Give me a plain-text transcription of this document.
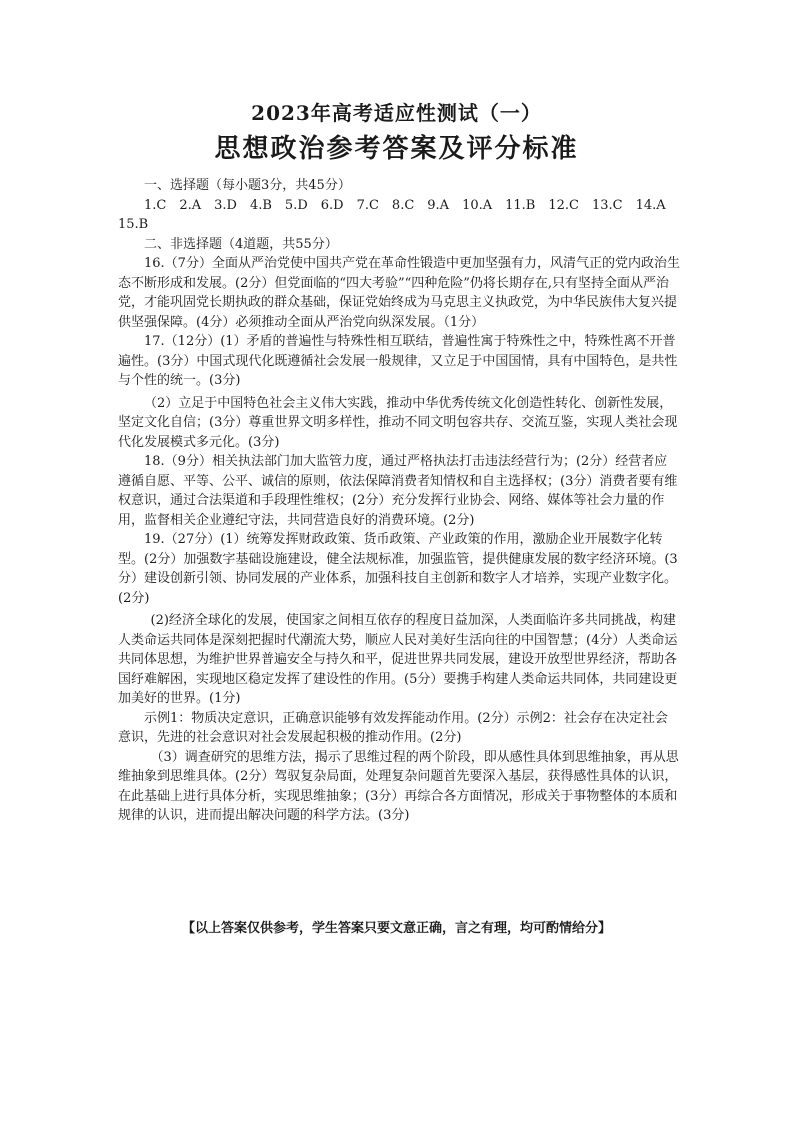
2023年高考适应性测试（一）
思想政治参考答案及评分标准

一、选择题（每小题3分，共45分）

1.C　2.A　3.D　4.B　5.D　6.D　7.C　8.C　9.A　10.A　11.B　12.C　13.C　14.A　15.B

二、非选择题（4道题，共55分）

16.（7分）全面从严治党使中国共产党在革命性锻造中更加坚强有力，风清气正的党内政治生态不断形成和发展。(2分）但党面临的“四大考验”“四种危险”仍将长期存在,只有坚持全面从严治党，才能巩固党长期执政的群众基础，保证党始终成为马克思主义执政党，为中华民族伟大复兴提供坚强保障。(4分）必须推动全面从严治党向纵深发展。（1分）

17.（12分）(1）矛盾的普遍性与特殊性相互联结，普遍性寓于特殊性之中，特殊性离不开普遍性。(3分）中国式现代化既遵循社会发展一般规律，又立足于中国国情，具有中国特色，是共性与个性的统一。(3分)

（2）立足于中国特色社会主义伟大实践，推动中华优秀传统文化创造性转化、创新性发展，坚定文化自信；(3分）尊重世界文明多样性，推动不同文明包容共存、交流互鉴，实现人类社会现代化发展模式多元化。(3分)

18.（9分）相关执法部门加大监管力度，通过严格执法打击违法经营行为；(2分）经营者应遵循自愿、平等、公平、诚信的原则，依法保障消费者知情权和自主选择权；(3分）消费者要有维权意识，通过合法渠道和手段理性维权；(2分）充分发挥行业协会、网络、媒体等社会力量的作用，监督相关企业遵纪守法，共同营造良好的消费环境。(2分)

19.（27分）(1）统筹发挥财政政策、货币政策、产业政策的作用，激励企业开展数字化转型。(2分）加强数字基础设施建设，健全法规标准，加强监管，提供健康发展的数字经济环境。(3分）建设创新引领、协同发展的产业体系，加强科技自主创新和数字人才培养，实现产业数字化。(2分)

(2)经济全球化的发展，使国家之间相互依存的程度日益加深，人类面临许多共同挑战，构建人类命运共同体是深刻把握时代潮流大势，顺应人民对美好生活向往的中国智慧；(4分）人类命运共同体思想，为维护世界普遍安全与持久和平，促进世界共同发展，建设开放型世界经济，帮助各国纾难解困，实现地区稳定发挥了建设性的作用。(5分）要携手构建人类命运共同体，共同建设更加美好的世界。(1分)

示例1：物质决定意识，正确意识能够有效发挥能动作用。(2分）示例2：社会存在决定社会意识，先进的社会意识对社会发展起积极的推动作用。(2分)

（3）调查研究的思维方法，揭示了思维过程的两个阶段，即从感性具体到思维抽象，再从思维抽象到思维具体。(2分）驾驭复杂局面，处理复杂问题首先要深入基层，获得感性具体的认识，在此基础上进行具体分析，实现思维抽象；(3分）再综合各方面情况，形成关于事物整体的本质和规律的认识，进而提出解决问题的科学方法。(3分)

【以上答案仅供参考，学生答案只要文意正确，言之有理，均可酌情给分】
